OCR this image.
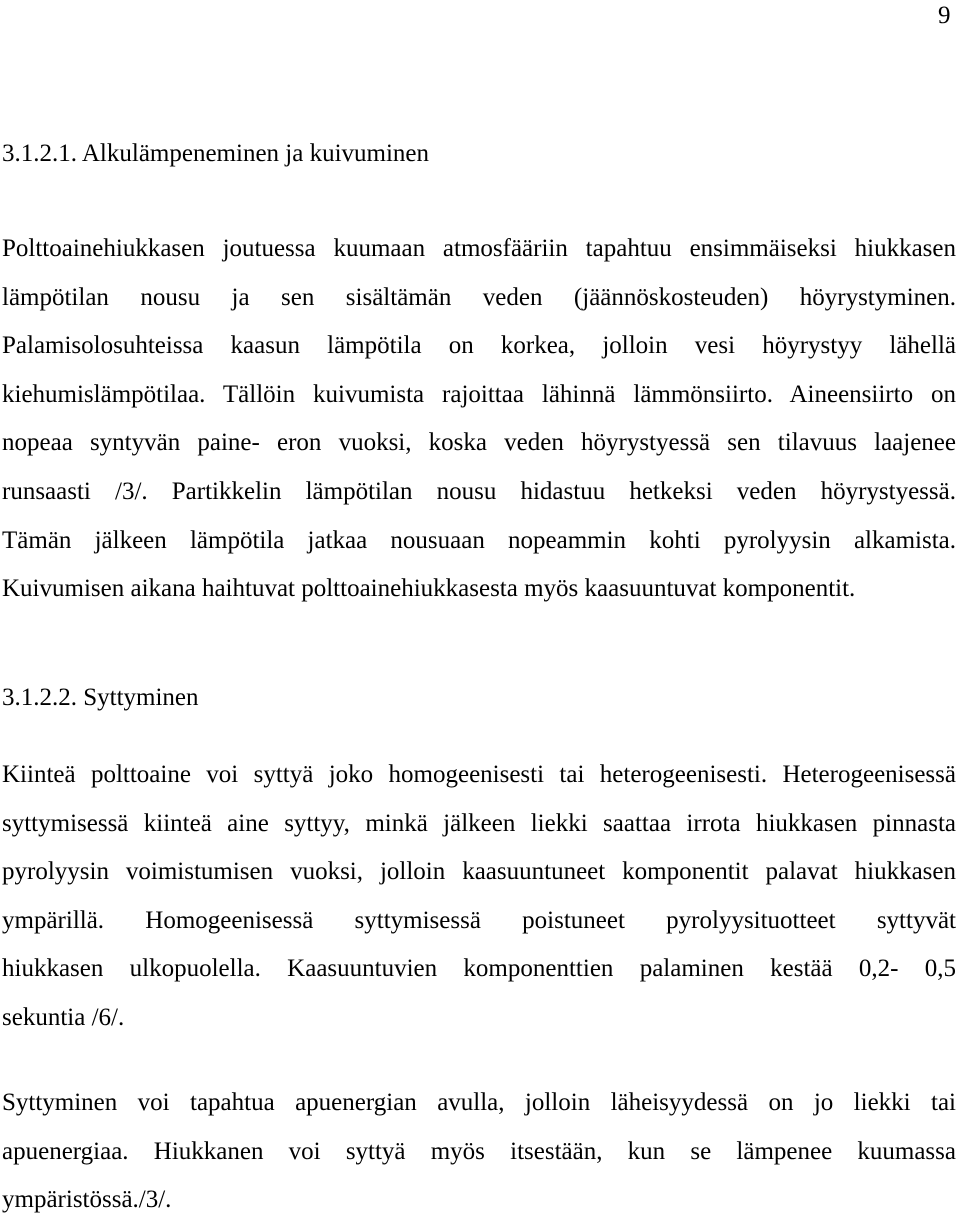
9
3.1.2.1. Alkulämpeneminen ja kuivuminen
Polttoainehiukkasen joutuessa kuumaan atmosfääriin tapahtuu ensimmäiseksi hiukkasen
lämpötilan nousu ja sen sisältämän veden (jäännöskosteuden) höyrystyminen.
Palamisolosuhteissa kaasun lämpötila on korkea, jolloin vesi höyrystyy lähellä
kiehumislämpötilaa. Tällöin kuivumista rajoittaa lähinnä lämmönsiirto. Aineensiirto on
nopeaa syntyvän paine- eron vuoksi, koska veden höyrystyessä sen tilavuus laajenee
runsaasti /3/. Partikkelin lämpötilan nousu hidastuu hetkeksi veden höyrystyessä.
Tämän jälkeen lämpötila jatkaa nousuaan nopeammin kohti pyrolyysin alkamista.
Kuivumisen aikana haihtuvat polttoainehiukkasesta myös kaasuuntuvat komponentit.
3.1.2.2. Syttyminen
Kiinteä polttoaine voi syttyä joko homogeenisesti tai heterogeenisesti. Heterogeenisessä
syttymisessä kiinteä aine syttyy, minkä jälkeen liekki saattaa irrota hiukkasen pinnasta
pyrolyysin voimistumisen vuoksi, jolloin kaasuuntuneet komponentit palavat hiukkasen
ympärillä. Homogeenisessä syttymisessä poistuneet pyrolyysituotteet syttyvät
hiukkasen ulkopuolella. Kaasuuntuvien komponenttien palaminen kestää 0,2- 0,5
sekuntia /6/.
Syttyminen voi tapahtua apuenergian avulla, jolloin läheisyydessä on jo liekki tai
apuenergiaa. Hiukkanen voi syttyä myös itsestään, kun se lämpenee kuumassa
ympäristössä./3/.
